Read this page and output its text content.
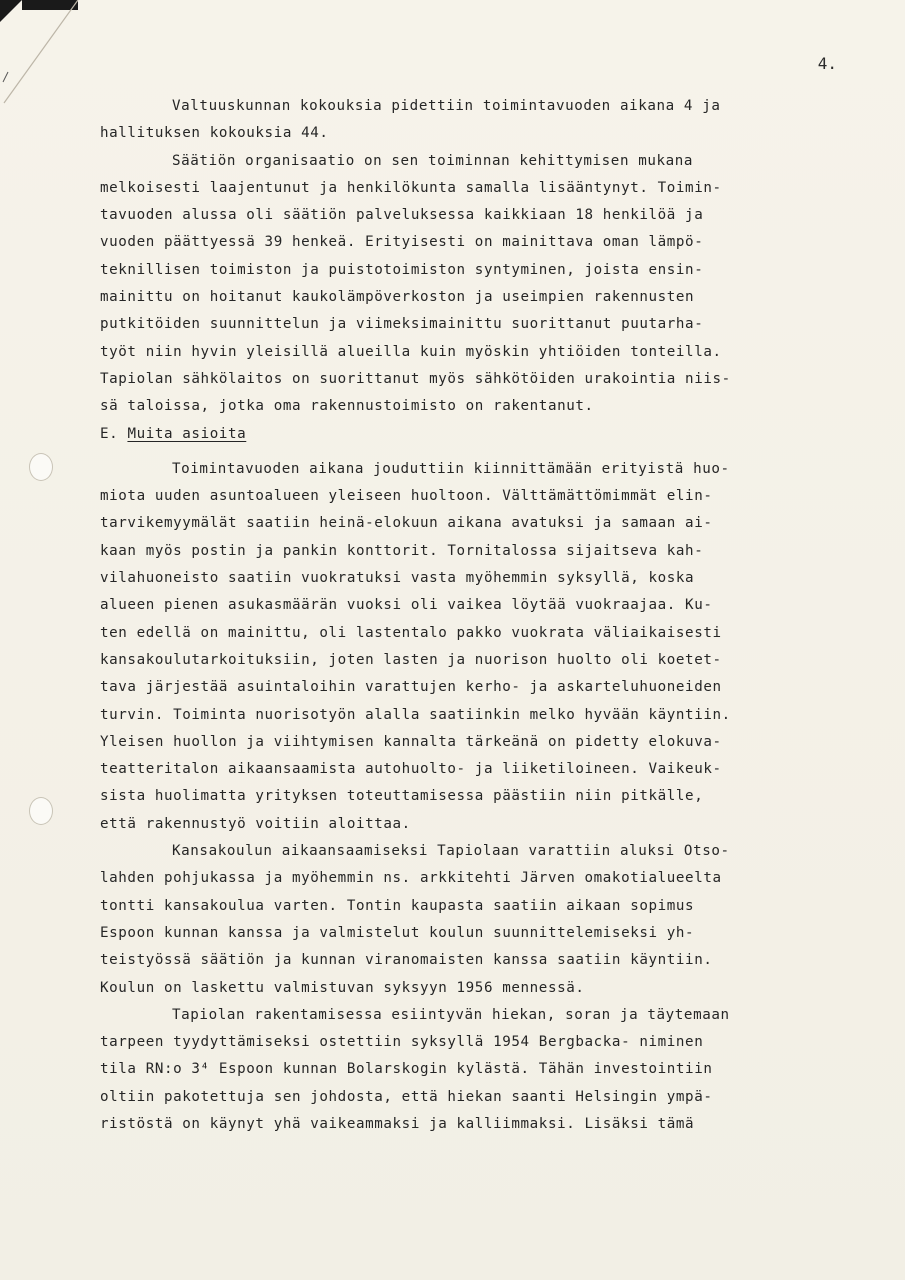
4.

Valtuuskunnan kokouksia pidettiin toimintavuoden aikana 4 ja

hallituksen kokouksia 44.

Säätiön organisaatio on sen toiminnan kehittymisen mukana

melkoisesti laajentunut ja henkilökunta samalla lisääntynyt. Toimin-

tavuoden alussa oli säätiön palveluksessa kaikkiaan 18 henkilöä ja

vuoden päättyessä 39 henkeä. Erityisesti on mainittava oman lämpö-

teknillisen toimiston ja puistotoimiston syntyminen, joista ensin-

mainittu on hoitanut kaukolämpöverkoston ja useimpien rakennusten

putkitöiden suunnittelun ja viimeksimainittu suorittanut puutarha-

työt niin hyvin yleisillä alueilla kuin myöskin yhtiöiden tonteilla.

Tapiolan sähkölaitos on suorittanut myös sähkötöiden urakointia niis-

sä taloissa, jotka oma rakennustoimisto on rakentanut.

E. Muita asioita

Toimintavuoden aikana jouduttiin kiinnittämään erityistä huo-

miota uuden asuntoalueen yleiseen huoltoon. Välttämättömimmät elin-

tarvikemyymälät saatiin heinä-elokuun aikana avatuksi ja samaan ai-

kaan myös postin ja pankin konttorit. Tornitalossa sijaitseva kah-

vilahuoneisto saatiin vuokratuksi vasta myöhemmin syksyllä, koska

alueen pienen asukasmäärän vuoksi oli vaikea löytää vuokraajaa. Ku-

ten edellä on mainittu, oli lastentalo pakko vuokrata väliaikaisesti

kansakoulutarkoituksiin, joten lasten ja nuorison huolto oli koetet-

tava järjestää asuintaloihin varattujen kerho- ja askarteluhuoneiden

turvin. Toiminta nuorisotyön alalla saatiinkin melko hyvään käyntiin.

Yleisen huollon ja viihtymisen kannalta tärkeänä on pidetty elokuva-

teatteritalon aikaansaamista autohuolto- ja liiketiloineen. Vaikeuk-

sista huolimatta yrityksen toteuttamisessa päästiin niin pitkälle,

että rakennustyö voitiin aloittaa.

Kansakoulun aikaansaamiseksi Tapiolaan varattiin aluksi Otso-

lahden pohjukassa ja myöhemmin ns. arkkitehti Järven omakotialueelta

tontti kansakoulua varten. Tontin kaupasta saatiin aikaan sopimus

Espoon kunnan kanssa ja valmistelut koulun suunnittelemiseksi yh-

teistyössä säätiön ja kunnan viranomaisten kanssa saatiin käyntiin.

Koulun on laskettu valmistuvan syksyyn 1956 mennessä.

Tapiolan rakentamisessa esiintyvän hiekan, soran ja täytemaan

tarpeen tyydyttämiseksi ostettiin syksyllä 1954 Bergbacka- niminen

tila RN:o 3⁴ Espoon kunnan Bolarskogin kylästä. Tähän investointiin

oltiin pakotettuja sen johdosta, että hiekan saanti Helsingin ympä-

ristöstä on käynyt yhä vaikeammaksi ja kalliimmaksi. Lisäksi tämä
